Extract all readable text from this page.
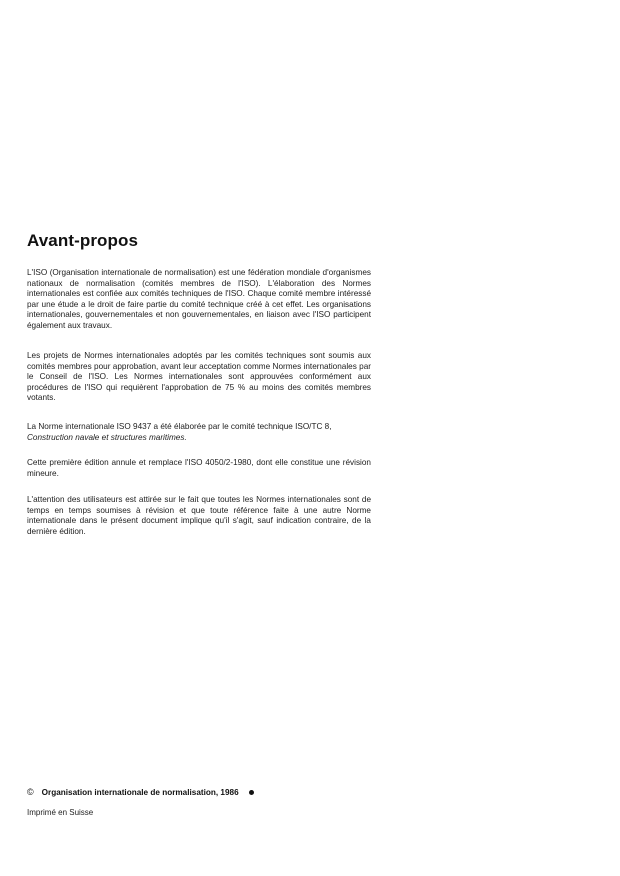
Avant-propos

L'ISO (Organisation internationale de normalisation) est une fédération mondiale d'organismes nationaux de normalisation (comités membres de l'ISO). L'élaboration des Normes internationales est confiée aux comités techniques de l'ISO. Chaque comité membre intéressé par une étude a le droit de faire partie du comité technique créé à cet effet. Les organisations internationales, gouvernementales et non gouvernementales, en liaison avec l'ISO participent également aux travaux.

Les projets de Normes internationales adoptés par les comités techniques sont soumis aux comités membres pour approbation, avant leur acceptation comme Normes internationales par le Conseil de l'ISO. Les Normes internationales sont approuvées conformément aux procédures de l'ISO qui requièrent l'approbation de 75 % au moins des comités membres votants.

La Norme internationale ISO 9437 a été élaborée par le comité technique ISO/TC 8,
Construction navale et structures maritimes.

Cette première édition annule et remplace l'ISO 4050/2-1980, dont elle constitue une révision mineure.

L'attention des utilisateurs est attirée sur le fait que toutes les Normes internationales sont de temps en temps soumises à révision et que toute référence faite à une autre Norme internationale dans le présent document implique qu'il s'agit, sauf indication contraire, de la dernière édition.

© Organisation internationale de normalisation, 1986
Imprimé en Suisse
